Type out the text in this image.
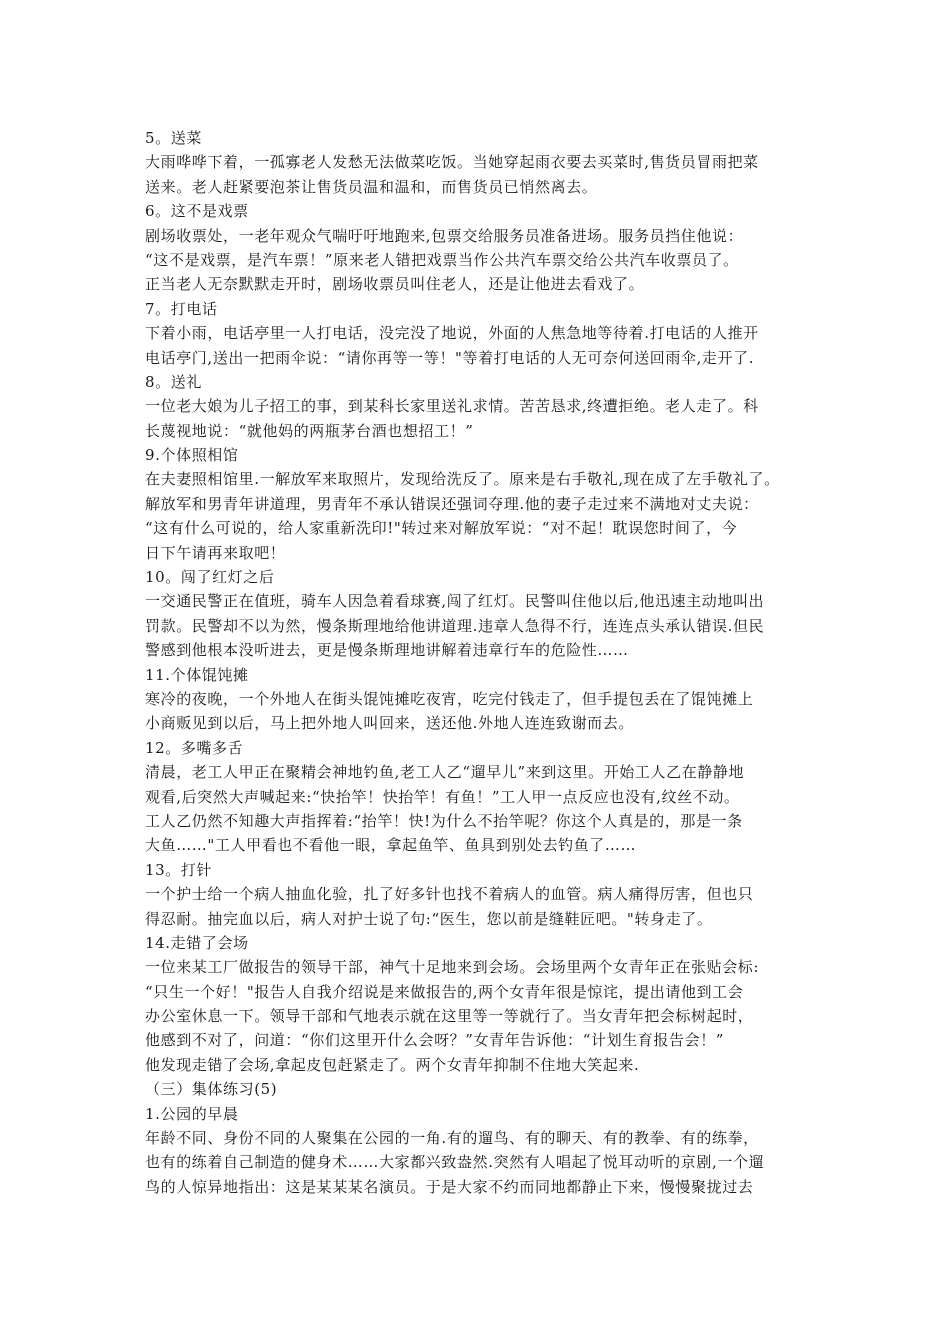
5。送菜
大雨哗哗下着，一孤寡老人发愁无法做菜吃饭。当她穿起雨衣要去买菜时,售货员冒雨把菜
送来。老人赶紧要泡茶让售货员温和温和，而售货员已悄然离去。
6。这不是戏票
剧场收票处，一老年观众气喘吁吁地跑来,包票交给服务员准备进场。服务员挡住他说：
“这不是戏票，是汽车票！”原来老人错把戏票当作公共汽车票交给公共汽车收票员了。
正当老人无奈默默走开时，剧场收票员叫住老人，还是让他进去看戏了。
7。打电话
下着小雨，电话亭里一人打电话，没完没了地说，外面的人焦急地等待着.打电话的人推开
电话亭门,送出一把雨伞说：“请你再等一等！"等着打电话的人无可奈何送回雨伞,走开了.
8。送礼
一位老大娘为儿子招工的事，到某科长家里送礼求情。苦苦恳求,终遭拒绝。老人走了。科
长蔑视地说：“就他妈的两瓶茅台酒也想招工！”
9.个体照相馆
在夫妻照相馆里.一解放军来取照片，发现给洗反了。原来是右手敬礼,现在成了左手敬礼了。
解放军和男青年讲道理，男青年不承认错误还强词夺理.他的妻子走过来不满地对丈夫说：
“这有什么可说的，给人家重新洗印!"转过来对解放军说：“对不起！耽误您时间了，今
日下午请再来取吧！
10。闯了红灯之后
一交通民警正在值班，骑车人因急着看球赛,闯了红灯。民警叫住他以后,他迅速主动地叫出
罚款。民警却不以为然，慢条斯理地给他讲道理.违章人急得不行，连连点头承认错误.但民
警感到他根本没听进去，更是慢条斯理地讲解着违章行车的危险性……
11.个体馄饨摊
寒冷的夜晚，一个外地人在街头馄饨摊吃夜宵，吃完付钱走了，但手提包丢在了馄饨摊上
小商贩见到以后，马上把外地人叫回来，送还他.外地人连连致谢而去。
12。多嘴多舌
清晨，老工人甲正在聚精会神地钓鱼,老工人乙“遛早儿”来到这里。开始工人乙在静静地
观看,后突然大声喊起来:“快抬竿！快抬竿！有鱼！”工人甲一点反应也没有,纹丝不动。
工人乙仍然不知趣大声指挥着:“抬竿！快!为什么不抬竿呢？你这个人真是的，那是一条
大鱼……"工人甲看也不看他一眼，拿起鱼竿、鱼具到别处去钓鱼了……
13。打针
一个护士给一个病人抽血化验，扎了好多针也找不着病人的血管。病人痛得厉害，但也只
得忍耐。抽完血以后，病人对护士说了句:“医生，您以前是缝鞋匠吧。"转身走了。
14.走错了会场
一位来某工厂做报告的领导干部，神气十足地来到会场。会场里两个女青年正在张贴会标:
“只生一个好！"报告人自我介绍说是来做报告的,两个女青年很是惊诧，提出请他到工会
办公室休息一下。领导干部和气地表示就在这里等一等就行了。当女青年把会标树起时，
他感到不对了，问道：“你们这里开什么会呀？”女青年告诉他：“计划生育报告会！”
他发现走错了会场,拿起皮包赶紧走了。两个女青年抑制不住地大笑起来.
（三）集体练习(5)
1.公园的早晨
年龄不同、身份不同的人聚集在公园的一角.有的遛鸟、有的聊天、有的教拳、有的练拳，
也有的练着自己制造的健身术……大家都兴致盎然.突然有人唱起了悦耳动听的京剧,一个遛
鸟的人惊异地指出：这是某某某名演员。于是大家不约而同地都静止下来，慢慢聚拢过去
